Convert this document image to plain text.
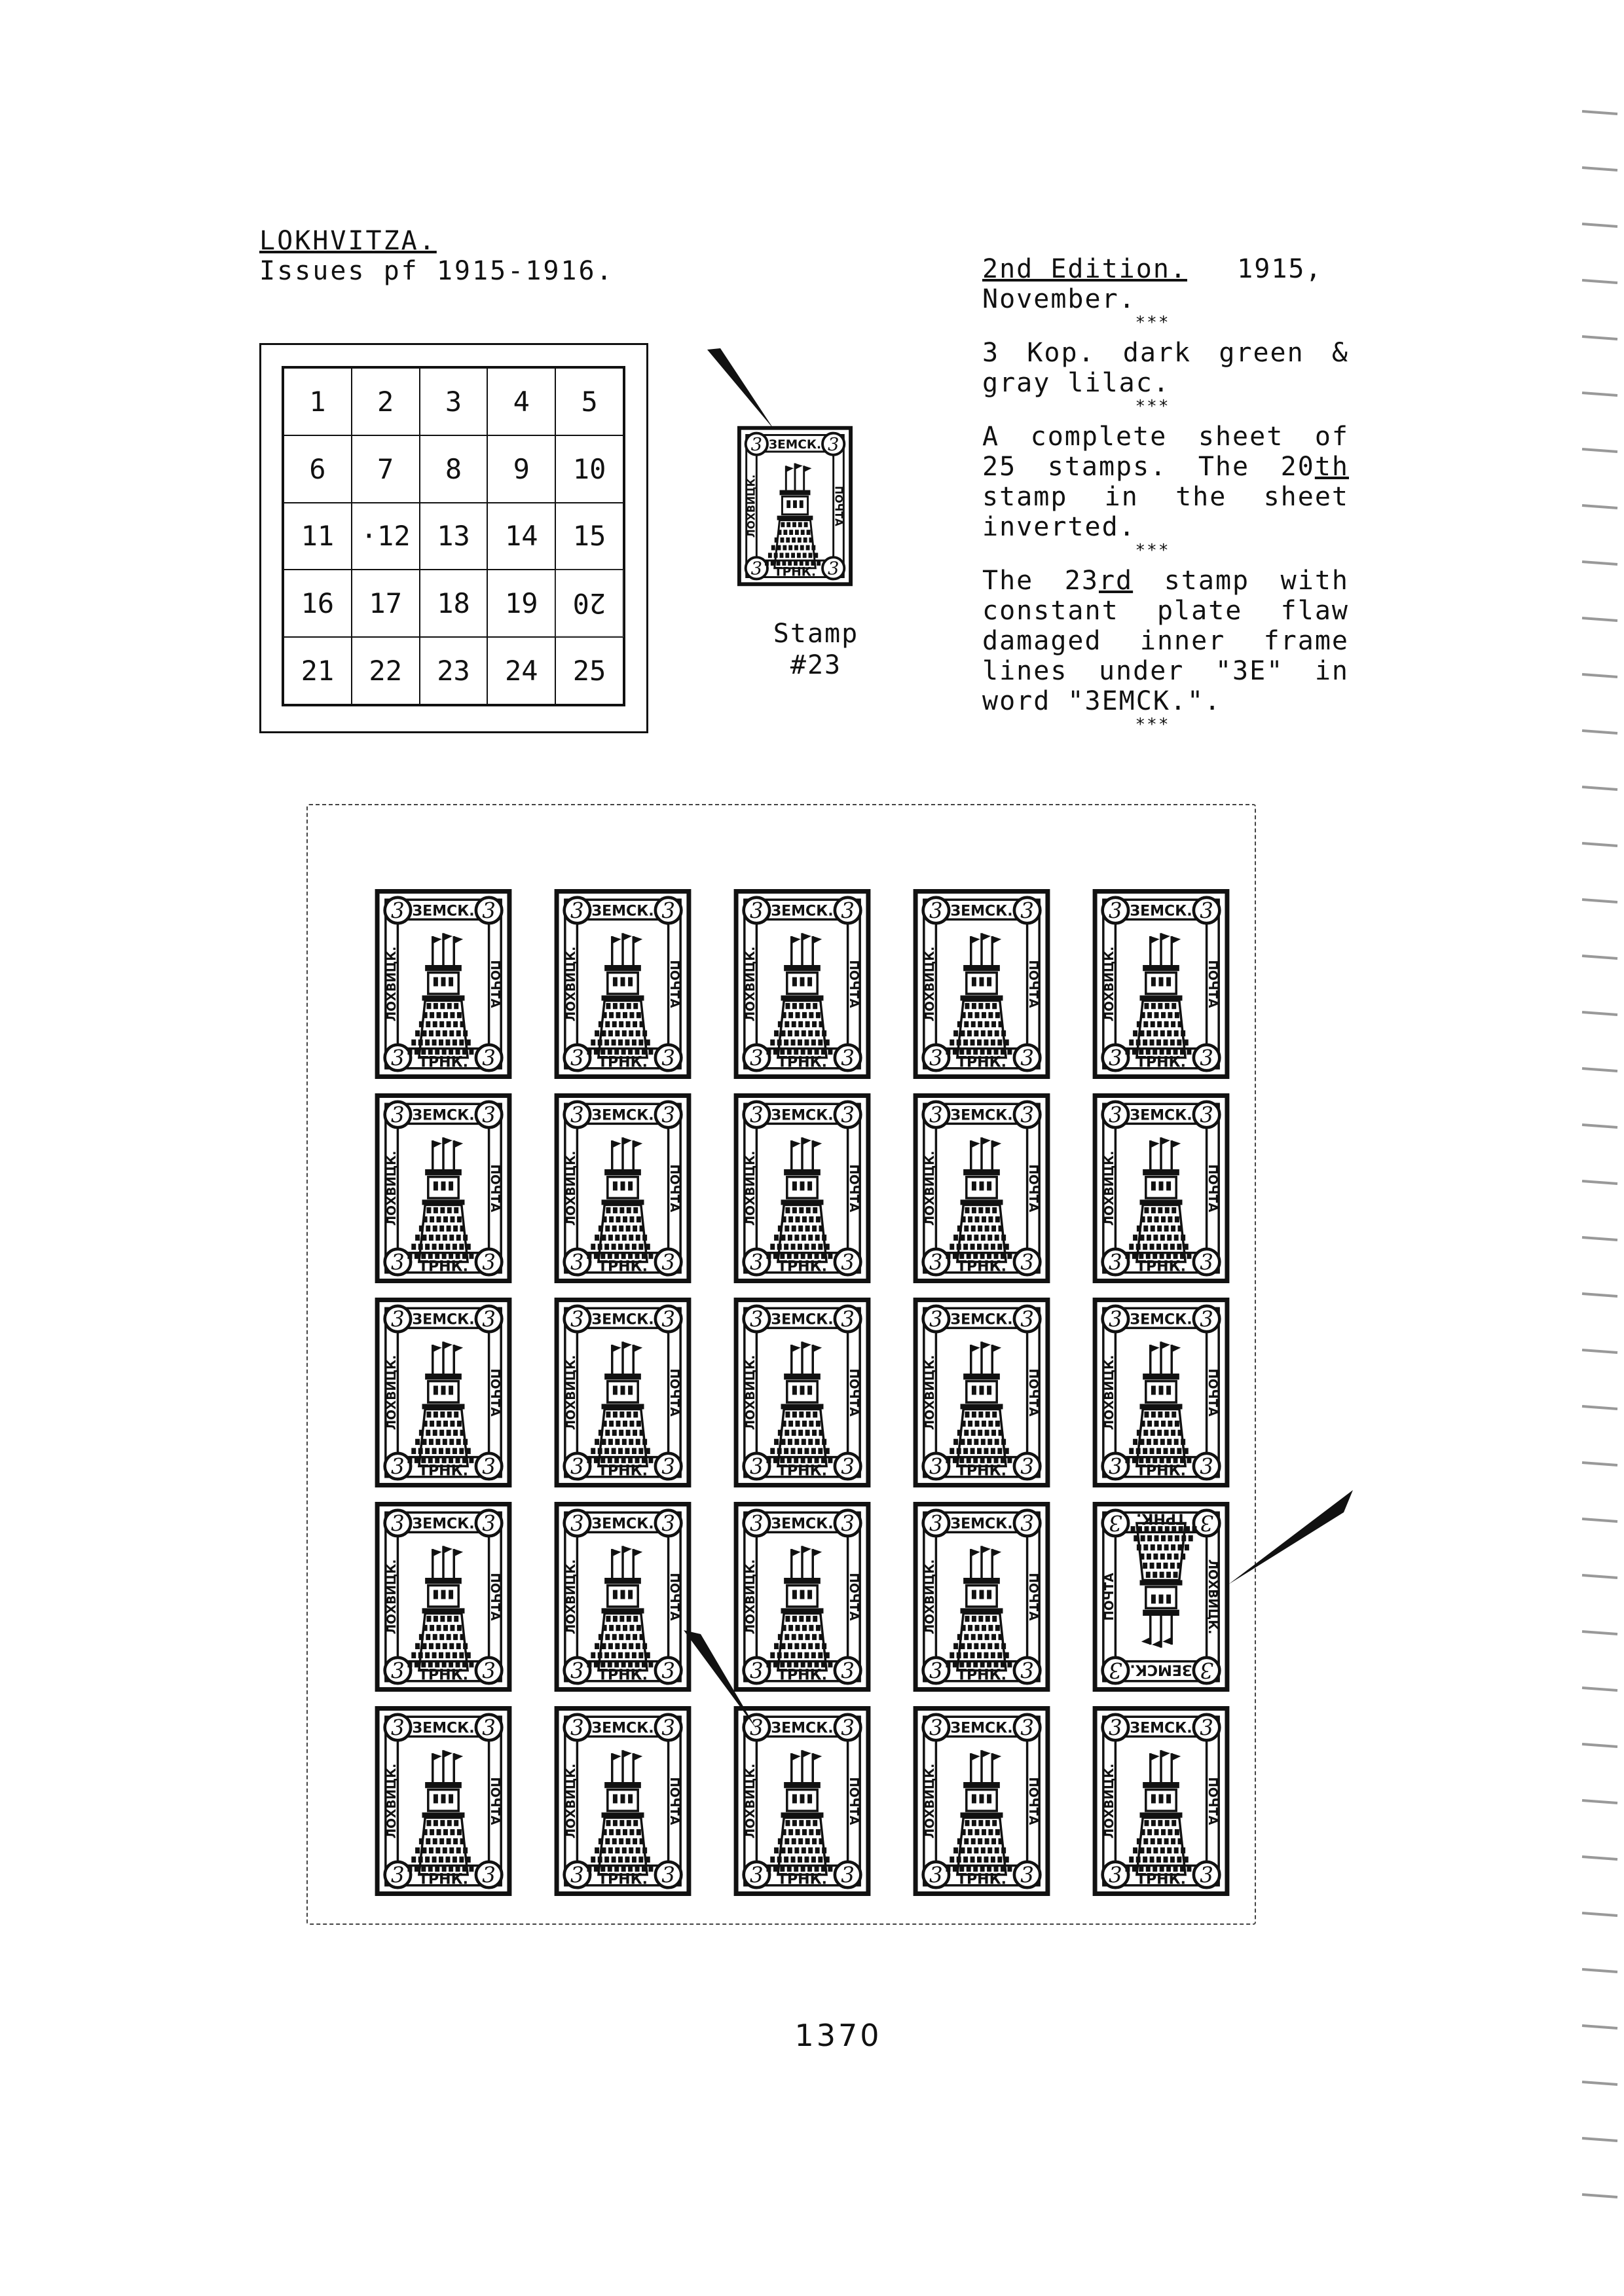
LOKHVITZA.
Issues pf 1915-1916.
1	2	3	4	5
6	7	8	9	10
11 ·12 13	14	15
16	17	18	19	20
21	22	23	24	25
3	3
3	3
ЗЕМСК.
ТРНК.
ЛОХВИЦК.	ПОЧТА
Stamp
#23

2nd Edition. 1915,

November.

***

3 Kop. dark green & gray lilac.

***

A complete sheet of 25 stamps. The 20th stamp in the sheet inverted.

***

The 23rd stamp with constant plate flaw damaged inner frame lines under "ЗЕ" in word "ЗЕМСК.".

***
3	3
3	3
ЗЕМСК.
ТРНК.
ЛОХВИЦК.	ПОЧТА
3	3
3	3
ЗЕМСК.
ТРНК.
ЛОХВИЦК.	ПОЧТА
3	3
3	3
ЗЕМСК.
ТРНК.
ЛОХВИЦК.	ПОЧТА
3	3
3	3
ЗЕМСК.
ТРНК.
ЛОХВИЦК.	ПОЧТА
3	3
3	3
ЗЕМСК.
ТРНК.
ЛОХВИЦК.	ПОЧТА
3	3
3	3
ЗЕМСК.
ТРНК.
ЛОХВИЦК.	ПОЧТА
3	3
3	3
ЗЕМСК.
ТРНК.
ЛОХВИЦК.	ПОЧТА
3	3
3	3
ЗЕМСК.
ТРНК.
ЛОХВИЦК.	ПОЧТА
3	3
3	3
ЗЕМСК.
ТРНК.
ЛОХВИЦК.	ПОЧТА
3	3
3	3
ЗЕМСК.
ТРНК.
ЛОХВИЦК.	ПОЧТА
3	3
3	3
ЗЕМСК.
ТРНК.
ЛОХВИЦК.	ПОЧТА
3	3
3	3
ЗЕМСК.
ТРНК.
ЛОХВИЦК.	ПОЧТА
3	3
3	3
ЗЕМСК.
ТРНК.
ЛОХВИЦК.	ПОЧТА
3	3
3	3
ЗЕМСК.
ТРНК.
ЛОХВИЦК.	ПОЧТА
3	3
3	3
ЗЕМСК.
ТРНК.
ЛОХВИЦК.	ПОЧТА
3	3
3	3
ЗЕМСК.
ТРНК.
ЛОХВИЦК.	ПОЧТА
3	3
3	3
ЗЕМСК.
ТРНК.
ЛОХВИЦК.	ПОЧТА
3	3
3	3
ЗЕМСК.
ТРНК.
ЛОХВИЦК.	ПОЧТА
3	3
3	3
ЗЕМСК.
ТРНК.
ЛОХВИЦК.	ПОЧТА
3
3
3
3
ЗЕМСК.
ТРНК.
ЛОХВИЦК.
ПОЧТА
3	3
3	3
ЗЕМСК.
ТРНК.
ЛОХВИЦК.	ПОЧТА
3	3
3	3
ЗЕМСК.
ТРНК.
ЛОХВИЦК.	ПОЧТА
3	3
3	3
ЗЕМСК.
ТРНК.
ЛОХВИЦК.	ПОЧТА
3	3
3	3
ЗЕМСК.
ТРНК.
ЛОХВИЦК.	ПОЧТА
3	3
3	3
ЗЕМСК.
ТРНК.
ЛОХВИЦК.	ПОЧТА
1370
